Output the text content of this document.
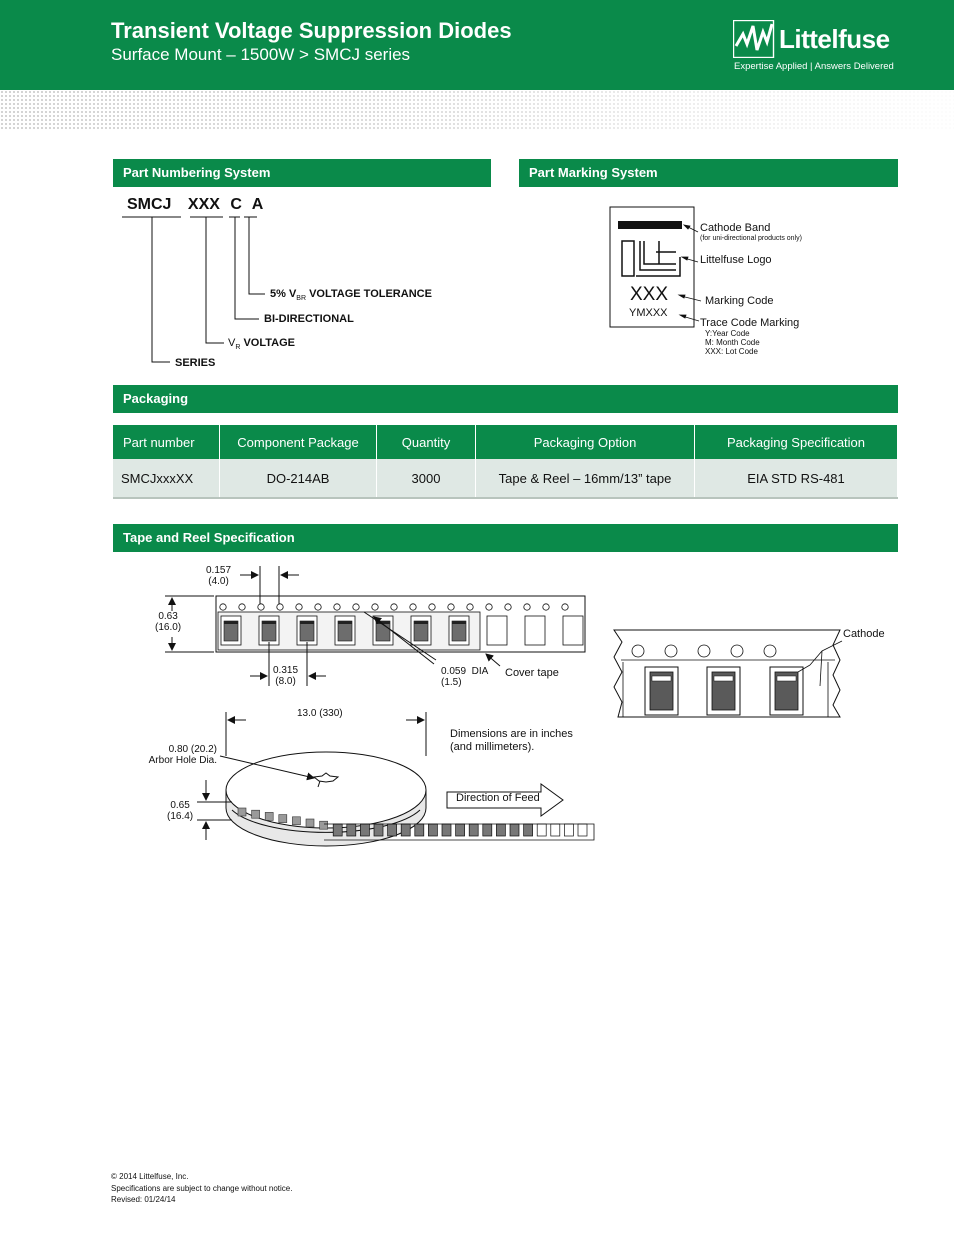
Transient Voltage Suppression Diodes
Surface Mount – 1500W > SMCJ series
Littelfuse
Expertise Applied | Answers Delivered
Part Numbering System
SMCJ XXX C A
5% $V_{BR}$ VOLTAGE TOLERANCE
BI-DIRECTIONAL
$V_R$ VOLTAGE
SERIES
Part Marking System
XXX
YMXXX
Cathode Band
(for uni-directional products only)
Littelfuse Logo
Marking Code
Trace Code Marking
Y:Year Code
M: Month Code
XXX: Lot Code
Packaging
Part number	Component Package	Quantity	Packaging Option	Packaging Specification
SMCJxxxXX	DO-214AB	3000	Tape & Reel – 16mm/13” tape	EIA STD RS-481
Tape and Reel Specification
0.157
(4.0)
0.63
(16.0)
0.315
(8.0)
0.059 DIA
(1.5)
Cover tape
13.0 (330)
Dimensions are in inches
(and millimeters).
0.80 (20.2)
Arbor Hole Dia.
0.65
(16.4)
Direction of Feed
Cathode
© 2014 Littelfuse, Inc.
Specifications are subject to change without notice.
Revised: 01/24/14
